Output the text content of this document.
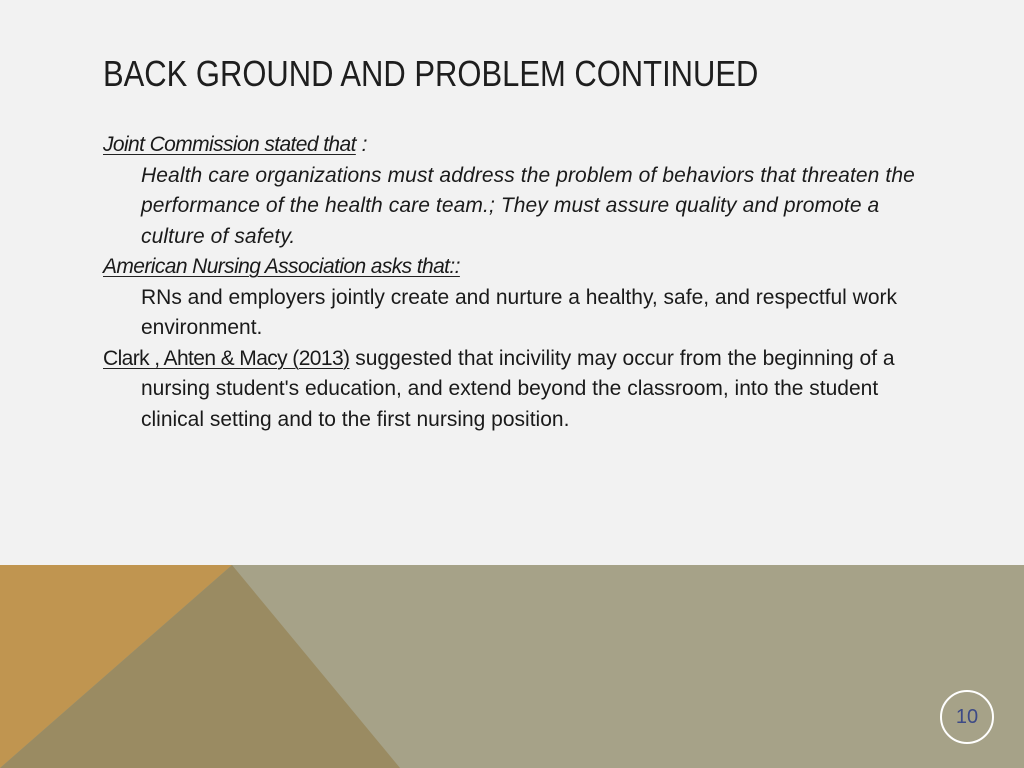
BACK GROUND AND PROBLEM CONTINUED

Joint Commission stated that :

Health care organizations must address the problem of behaviors that threaten the performance of the health care team.; They must assure quality and promote a culture of safety.

American Nursing Association asks that::

RNs and employers jointly create and nurture a healthy, safe, and respectful work environment.

Clark , Ahten & Macy (2013) suggested that incivility may occur from the beginning of a nursing student's education, and extend beyond the classroom, into the student clinical setting and to the first nursing position.

10
